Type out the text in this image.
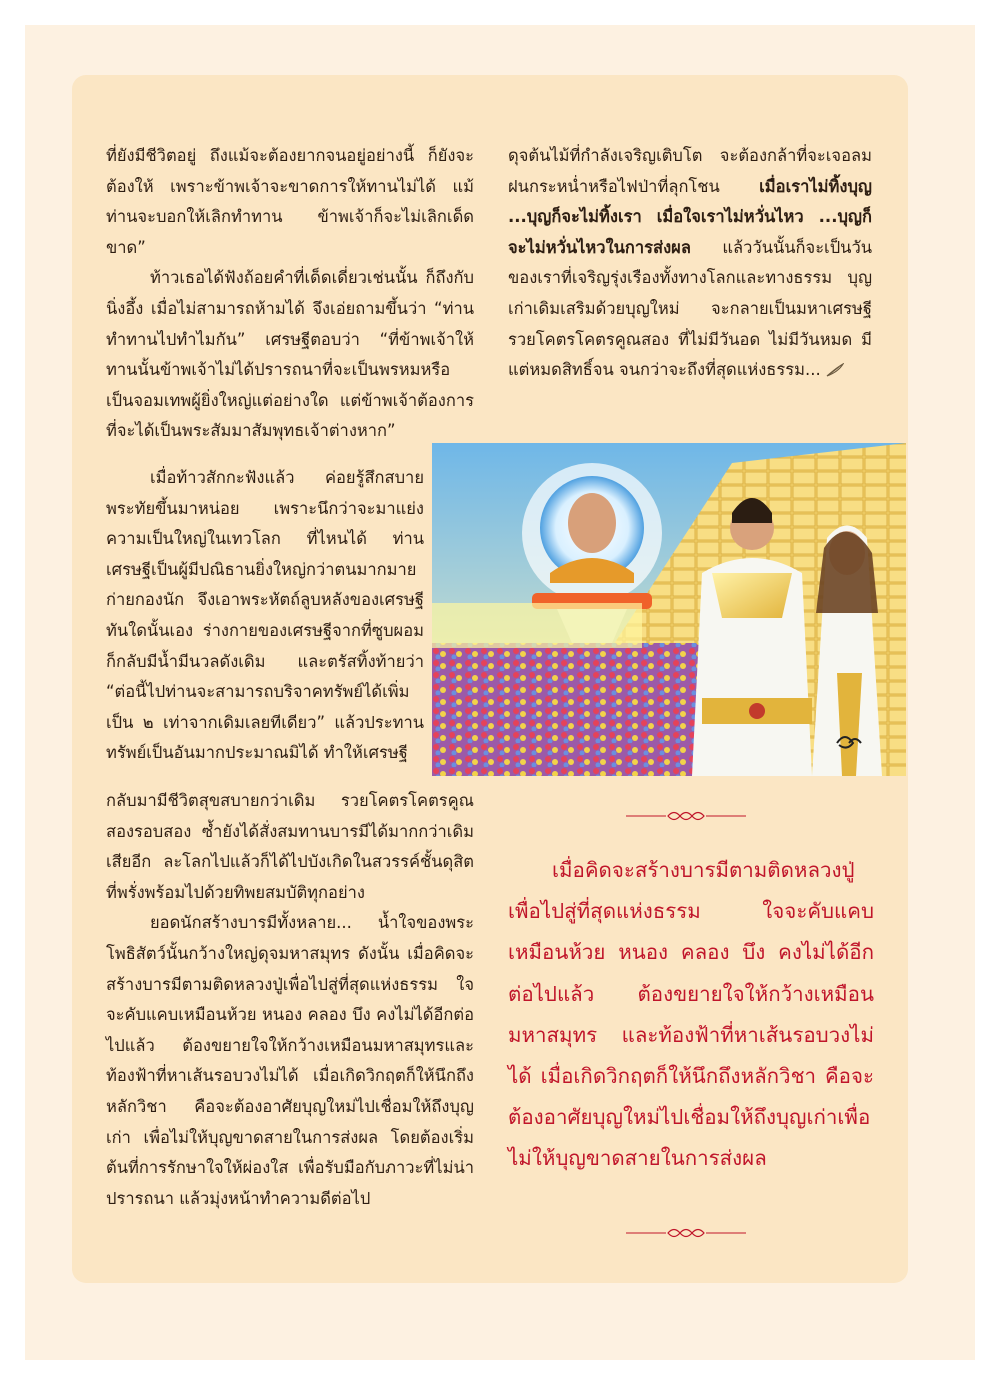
ที่ยังมีชีวิตอยู่ ถึงแม้จะต้องยากจนอยู่อย่างนี้ ก็ยังจะต้องให้ เพราะข้าพเจ้าจะขาดการให้ทานไม่ได้ แม้ท่านจะบอกให้เลิกทำทาน ข้าพเจ้าก็จะไม่เลิกเด็ดขาด”

ท้าวเธอได้ฟังถ้อยคำที่เด็ดเดี่ยวเช่นนั้น ก็ถึงกับนิ่งอึ้ง เมื่อไม่สามารถห้ามได้ จึงเอ่ยถามขึ้นว่า “ท่านทำทานไปทำไมกัน” เศรษฐีตอบว่า “ที่ข้าพเจ้าให้ทานนั้นข้าพเจ้าไม่ได้ปรารถนาที่จะเป็นพรหมหรือเป็นจอมเทพผู้ยิ่งใหญ่แต่อย่างใด แต่ข้าพเจ้าต้องการที่จะได้เป็นพระสัมมาสัมพุทธเจ้าต่างหาก”

เมื่อท้าวสักกะฟังแล้ว ค่อยรู้สึกสบายพระทัยขึ้นมาหน่อย เพราะนึกว่าจะมาแย่งความเป็นใหญ่ในเทวโลก ที่ไหนได้ ท่านเศรษฐีเป็นผู้มีปณิธานยิ่งใหญ่กว่าตนมากมาย ก่ายกองนัก จึงเอาพระหัตถ์ลูบหลังของเศรษฐี ทันใดนั้นเอง ร่างกายของเศรษฐีจากที่ซูบผอมก็กลับมีน้ำมีนวลดังเดิม และตรัสทิ้งท้ายว่า “ต่อนี้ไปท่านจะสามารถบริจาคทรัพย์ได้เพิ่มเป็น ๒ เท่าจากเดิมเลยทีเดียว” แล้วประทานทรัพย์เป็นอันมากประมาณมิได้ ทำให้เศรษฐี

กลับมามีชีวิตสุขสบายกว่าเดิม รวยโคตรโคตรคูณสองรอบสอง ซ้ำยังได้สั่งสมทานบารมีได้มากกว่าเดิมเสียอีก ละโลกไปแล้วก็ได้ไปบังเกิดในสวรรค์ชั้นดุสิต ที่พรั่งพร้อมไปด้วยทิพยสมบัติทุกอย่าง

ยอดนักสร้างบารมีทั้งหลาย... น้ำใจของพระโพธิสัตว์นั้นกว้างใหญ่ดุจมหาสมุทร ดังนั้น เมื่อคิดจะสร้างบารมีตามติดหลวงปู่เพื่อไปสู่ที่สุดแห่งธรรม ใจจะคับแคบเหมือนห้วย หนอง คลอง บึง คงไม่ได้อีกต่อไปแล้ว ต้องขยายใจให้กว้างเหมือนมหาสมุทรและท้องฟ้าที่หาเส้นรอบวงไม่ได้ เมื่อเกิดวิกฤตก็ให้นึกถึงหลักวิชา คือจะต้องอาศัยบุญใหม่ไปเชื่อมให้ถึงบุญเก่า เพื่อไม่ให้บุญขาดสายในการส่งผล โดยต้องเริ่มต้นที่การรักษาใจให้ผ่องใส เพื่อรับมือกับภาวะที่ไม่น่าปรารถนา แล้วมุ่งหน้าทำความดีต่อไป

ดุจต้นไม้ที่กำลังเจริญเติบโต จะต้องกล้าที่จะเจอลมฝนกระหน่ำหรือไฟป่าที่ลุกโชน เมื่อเราไม่ทิ้งบุญ ...บุญก็จะไม่ทิ้งเรา เมื่อใจเราไม่หวั่นไหว ...บุญก็จะไม่หวั่นไหวในการส่งผล แล้ววันนั้นก็จะเป็นวันของเราที่เจริญรุ่งเรืองทั้งทางโลกและทางธรรม บุญเก่าเดิมเสริมด้วยบุญใหม่ จะกลายเป็นมหาเศรษฐีรวยโคตรโคตรคูณสอง ที่ไม่มีวันอด ไม่มีวันหมด มีแต่หมดสิทธิ์จน จนกว่าจะถึงที่สุดแห่งธรรม...

เมื่อคิดจะสร้างบารมีตามติดหลวงปู่เพื่อไปสู่ที่สุดแห่งธรรม ใจจะคับแคบเหมือนห้วย หนอง คลอง บึง คงไม่ได้อีกต่อไปแล้ว ต้องขยายใจให้กว้างเหมือนมหาสมุทร และท้องฟ้าที่หาเส้นรอบวงไม่ได้ เมื่อเกิดวิกฤตก็ให้นึกถึงหลักวิชา คือจะต้องอาศัยบุญใหม่ไปเชื่อมให้ถึงบุญเก่าเพื่อไม่ให้บุญขาดสายในการส่งผล
